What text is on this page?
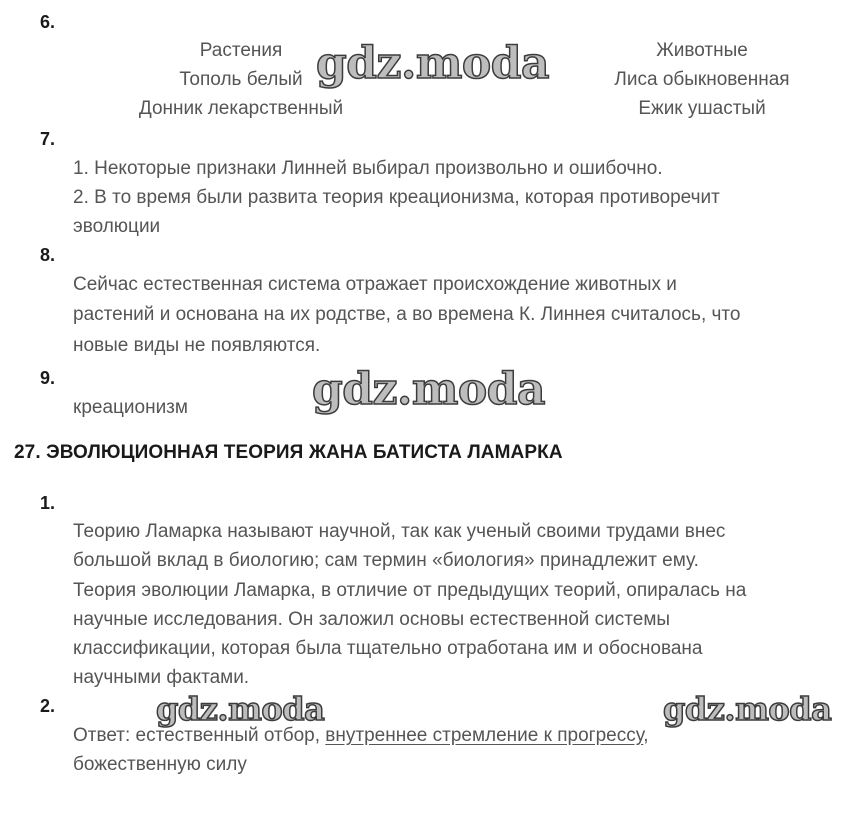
6.
Растения
Тополь белый
Донник лекарственный
Животные
Лиса обыкновенная
Ежик ушастый
7.
1. Некоторые признаки Линней выбирал произвольно и ошибочно.
2. В то время были развита теория креационизма, которая противоречит
эволюции
8.
Сейчас естественная система отражает происхождение животных и
растений и основана на их родстве, а во времена К. Линнея считалось, что
новые виды не появляются.
9.
креационизм
27. ЭВОЛЮЦИОННАЯ ТЕОРИЯ ЖАНА БАТИСТА ЛАМАРКА
1.
Теорию Ламарка называют научной, так как ученый своими трудами внес
большой вклад в биологию; сам термин «биология» принадлежит ему.
Теория эволюции Ламарка, в отличие от предыдущих теорий, опиралась на
научные исследования. Он заложил основы естественной системы
классификации, которая была тщательно отработана им и обоснована
научными фактами.
2.
Ответ: естественный отбор, внутреннее стремление к прогрессу,
божественную силу
gdz.moda
gdz.moda
gdz.moda	gdz.moda
